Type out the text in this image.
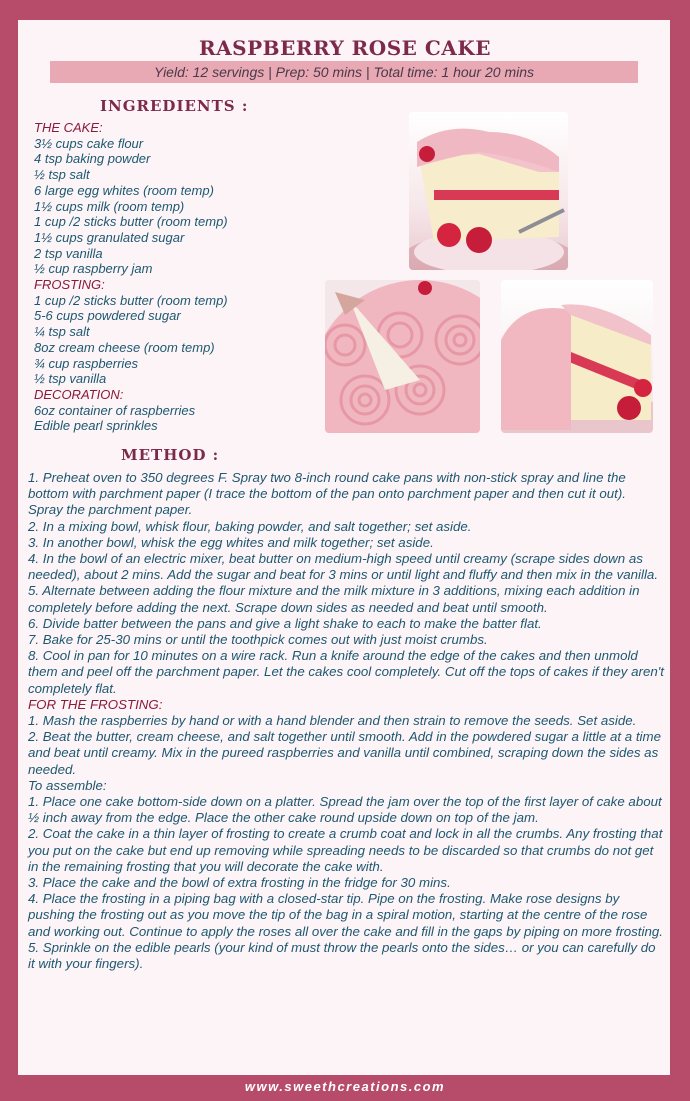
RASPBERRY ROSE CAKE
Yield: 12 servings | Prep: 50 mins | Total time: 1 hour 20 mins
INGREDIENTS :
THE CAKE:
3½ cups cake flour
4 tsp baking powder
½ tsp salt
6 large egg whites (room temp)
1½ cups milk (room temp)
1 cup /2 sticks butter (room temp)
1½ cups granulated sugar
2 tsp vanilla
½ cup raspberry jam
FROSTING:
1 cup /2 sticks butter (room temp)
5-6 cups powdered sugar
¼ tsp salt
8oz cream cheese (room temp)
¾ cup raspberries
½ tsp vanilla
DECORATION:
6oz container of raspberries
Edible pearl sprinkles
METHOD :
1. Preheat oven to 350 degrees F. Spray two 8-inch round cake pans with non-stick spray and line the bottom with parchment paper (I trace the bottom of the pan onto parchment paper and then cut it out). Spray the parchment paper.
2. In a mixing bowl, whisk flour, baking powder, and salt together; set aside.
3. In another bowl, whisk the egg whites and milk together; set aside.
4. In the bowl of an electric mixer, beat butter on medium-high speed until creamy (scrape sides down as needed), about 2 mins. Add the sugar and beat for 3 mins or until light and fluffy and then mix in the vanilla.
5. Alternate between adding the flour mixture and the milk mixture in 3 additions, mixing each addition in completely before adding the next. Scrape down sides as needed and beat until smooth.
6. Divide batter between the pans and give a light shake to each to make the batter flat.
7. Bake for 25-30 mins or until the toothpick comes out with just moist crumbs.
8. Cool in pan for 10 minutes on a wire rack. Run a knife around the edge of the cakes and then unmold them and peel off the parchment paper. Let the cakes cool completely. Cut off the tops of cakes if they aren't completely flat.
FOR THE FROSTING:
1. Mash the raspberries by hand or with a hand blender and then strain to remove the seeds. Set aside.
2. Beat the butter, cream cheese, and salt together until smooth. Add in the powdered sugar a little at a time and beat until creamy. Mix in the pureed raspberries and vanilla until combined, scraping down the sides as needed.
To assemble:
1. Place one cake bottom-side down on a platter. Spread the jam over the top of the first layer of cake about ½ inch away from the edge. Place the other cake round upside down on top of the jam.
2. Coat the cake in a thin layer of frosting to create a crumb coat and lock in all the crumbs. Any frosting that you put on the cake but end up removing while spreading needs to be discarded so that crumbs do not get in the remaining frosting that you will decorate the cake with.
3. Place the cake and the bowl of extra frosting in the fridge for 30 mins.
4. Place the frosting in a piping bag with a closed-star tip. Pipe on the frosting. Make rose designs by pushing the frosting out as you move the tip of the bag in a spiral motion, starting at the centre of the rose and working out. Continue to apply the roses all over the cake and fill in the gaps by piping on more frosting.
5. Sprinkle on the edible pearls (your kind of must throw the pearls onto the sides… or you can carefully do it with your fingers).
www.sweethcreations.com
